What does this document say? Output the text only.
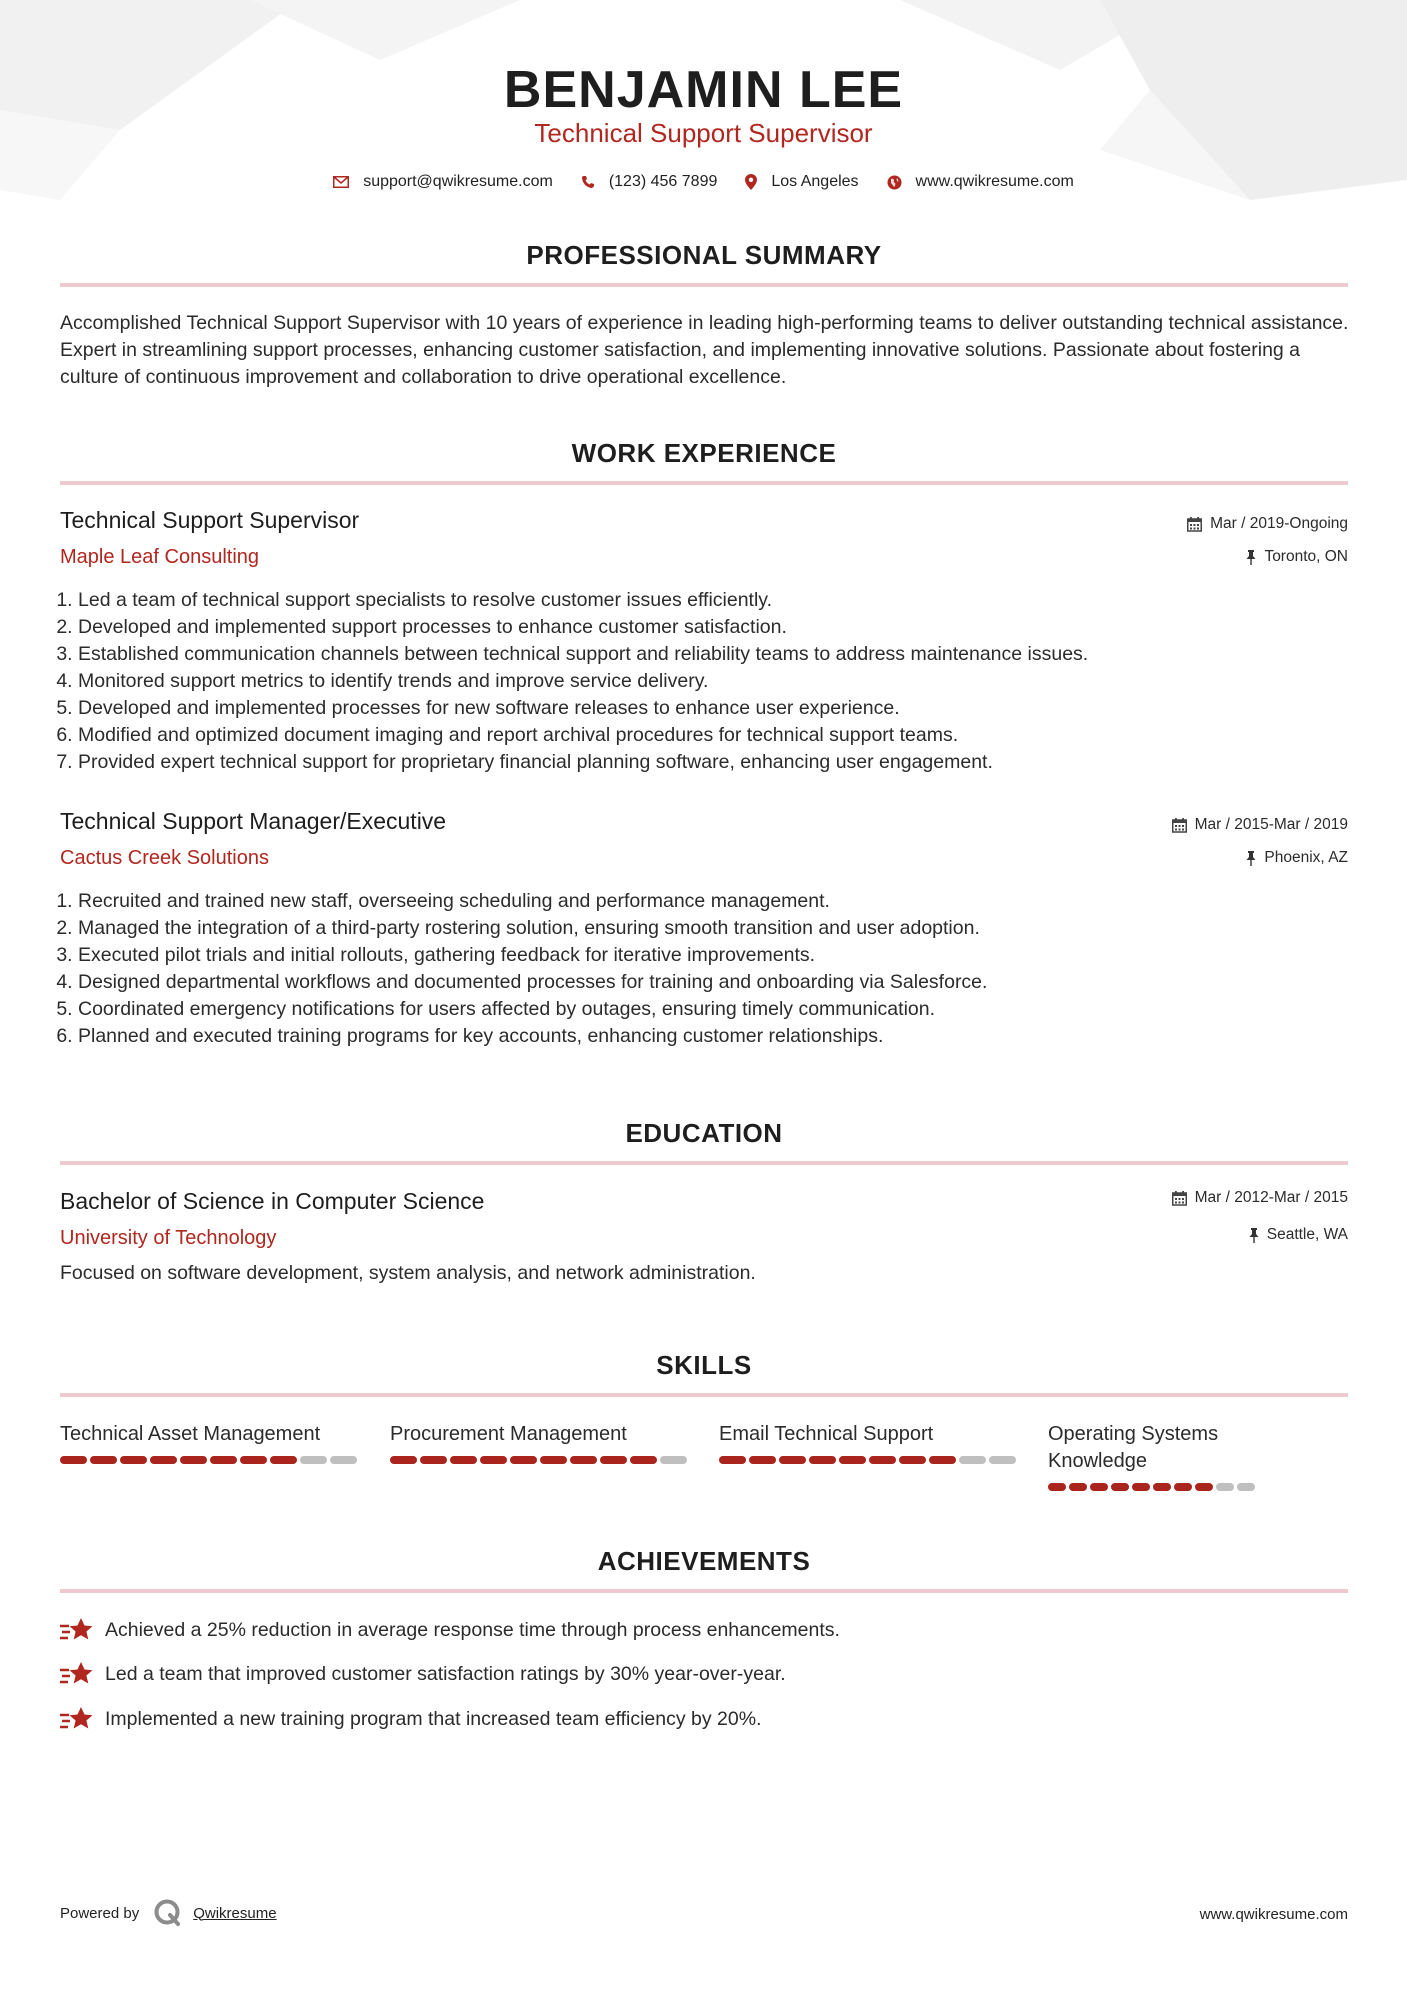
BENJAMIN LEE
Technical Support Supervisor
support@qwikresume.com	(123) 456 7899	Los Angeles	www.qwikresume.com
PROFESSIONAL SUMMARY
Accomplished Technical Support Supervisor with 10 years of experience in leading high-performing teams to deliver outstanding technical assistance. Expert in streamlining support processes, enhancing customer satisfaction, and implementing innovative solutions. Passionate about fostering a culture of continuous improvement and collaboration to drive operational excellence.
WORK EXPERIENCE
Technical Support Supervisor
Maple Leaf Consulting
Mar / 2019-Ongoing
Toronto, ON
1. Led a team of technical support specialists to resolve customer issues efficiently.
2. Developed and implemented support processes to enhance customer satisfaction.
3. Established communication channels between technical support and reliability teams to address maintenance issues.
4. Monitored support metrics to identify trends and improve service delivery.
5. Developed and implemented processes for new software releases to enhance user experience.
6. Modified and optimized document imaging and report archival procedures for technical support teams.
7. Provided expert technical support for proprietary financial planning software, enhancing user engagement.
Technical Support Manager/Executive
Cactus Creek Solutions
Mar / 2015-Mar / 2019
Phoenix, AZ
1. Recruited and trained new staff, overseeing scheduling and performance management.
2. Managed the integration of a third-party rostering solution, ensuring smooth transition and user adoption.
3. Executed pilot trials and initial rollouts, gathering feedback for iterative improvements.
4. Designed departmental workflows and documented processes for training and onboarding via Salesforce.
5. Coordinated emergency notifications for users affected by outages, ensuring timely communication.
6. Planned and executed training programs for key accounts, enhancing customer relationships.
EDUCATION
Bachelor of Science in Computer Science
University of Technology
Mar / 2012-Mar / 2015
Seattle, WA
Focused on software development, system analysis, and network administration.
SKILLS
Technical Asset Management	Procurement Management	Email Technical Support	Operating Systems Knowledge
ACHIEVEMENTS
Achieved a 25% reduction in average response time through process enhancements.
Led a team that improved customer satisfaction ratings by 30% year-over-year.
Implemented a new training program that increased team efficiency by 20%.
Powered by	Qwikresume	www.qwikresume.com
